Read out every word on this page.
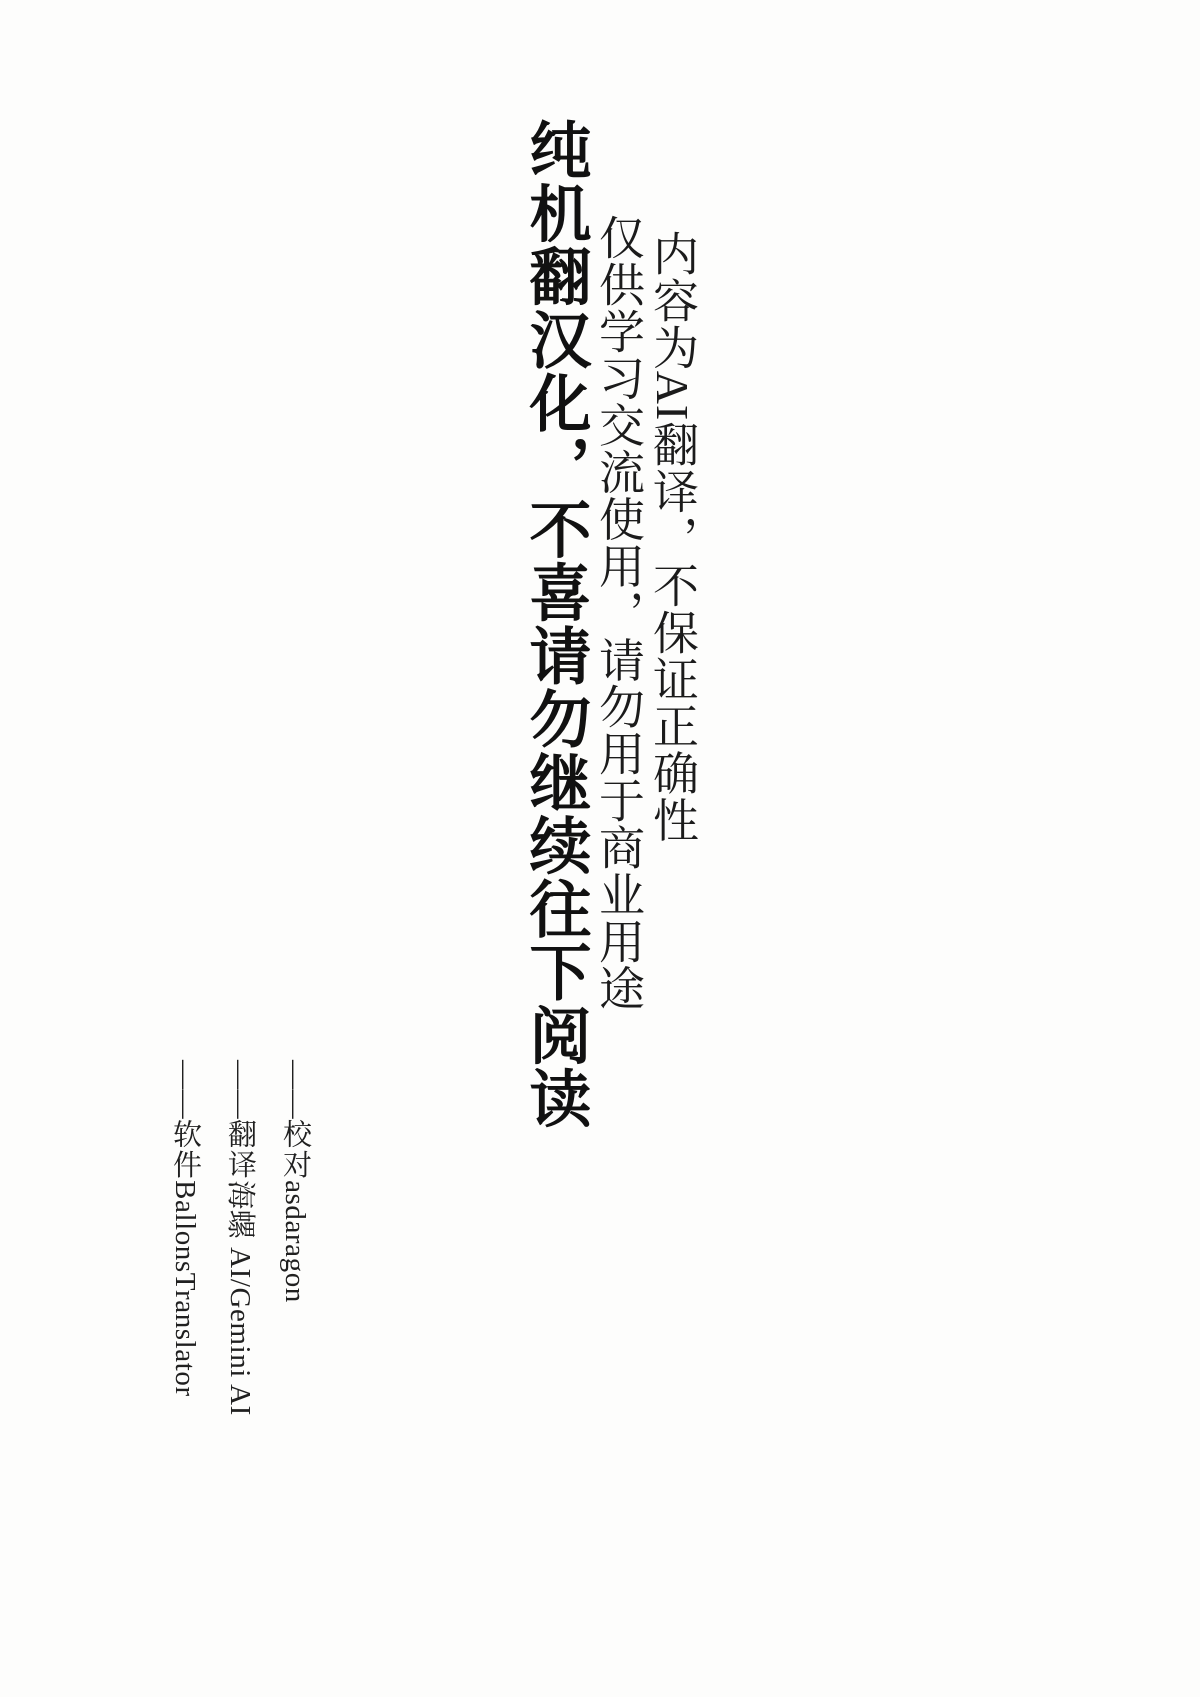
纯机翻汉化，不喜请勿继续往下阅读 仅供学习交流使用，请勿用于商业用途 内容为AI翻译，不保证正确性
——软件BallonsTranslator
——翻译海螺 AI/Gemini AI
——校对asdaragon
